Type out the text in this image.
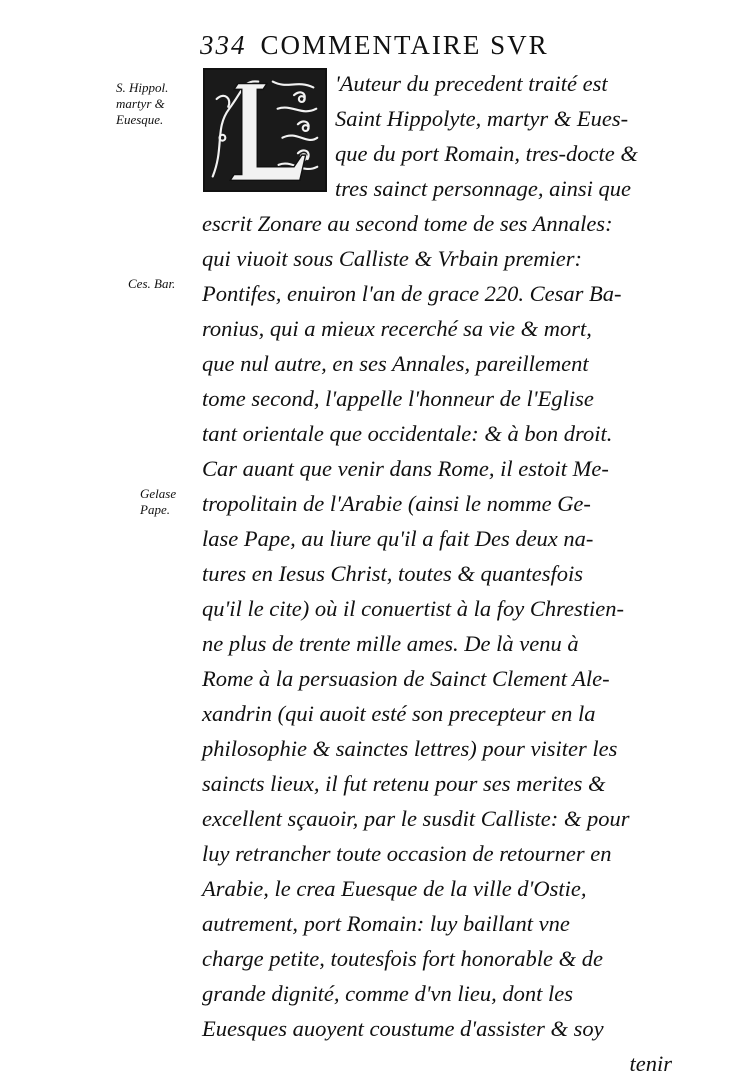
334 COMMENTAIRE SVR
'Auteur du precedent traité est
Saint Hippolyte, martyr & Eues-
que du port Romain, tres-docte &
tres sainct personnage, ainsi que
escrit Zonare au second tome de ses Annales:
qui viuoit sous Calliste & Vrbain premier:
Pontifes, enuiron l'an de grace 220. Cesar Ba-
ronius, qui a mieux recerché sa vie & mort,
que nul autre, en ses Annales, pareillement
tome second, l'appelle l'honneur de l'Eglise
tant orientale que occidentale: & à bon droit.
Car auant que venir dans Rome, il estoit Me-
tropolitain de l'Arabie (ainsi le nomme Ge-
lase Pape, au liure qu'il a fait Des deux na-
tures en Iesus Christ, toutes & quantesfois
qu'il le cite) où il conuertist à la foy Chrestien-
ne plus de trente mille ames. De là venu à
Rome à la persuasion de Sainct Clement Ale-
xandrin (qui auoit esté son precepteur en la
philosophie & sainctes lettres) pour visiter les
saincts lieux, il fut retenu pour ses merites &
excellent sçauoir, par le susdit Calliste: & pour
luy retrancher toute occasion de retourner en
Arabie, le crea Euesque de la ville d'Ostie,
autrement, port Romain: luy baillant vne
charge petite, toutesfois fort honorable & de
grande dignité, comme d'vn lieu, dont les
Euesques auoyent coustume d'assister & soy
tenir
S. Hippol.
martyr &
Euesque.
Ces. Bar.
Gelase
Pape.
